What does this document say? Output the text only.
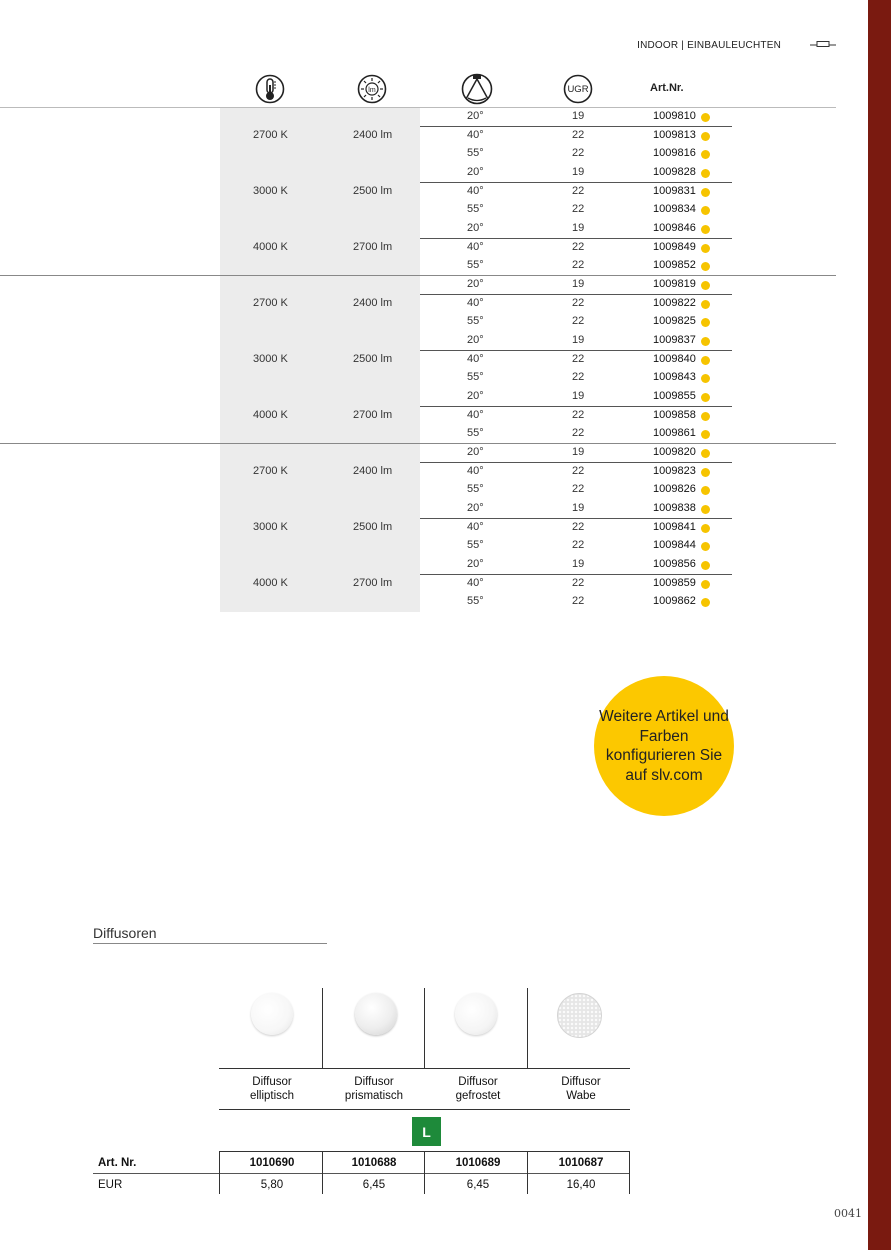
INDOOR | EINBAULEUCHTEN
lm	UGR	Art.Nr.
2700 K	2400 lm
20°	19	1009810
40°	22	1009813
55°	22	1009816
3000 K	2500 lm
20°	19	1009828
40°	22	1009831
55°	22	1009834
4000 K	2700 lm
20°	19	1009846
40°	22	1009849
55°	22	1009852
2700 K	2400 lm
20°	19	1009819
40°	22	1009822
55°	22	1009825
3000 K	2500 lm
20°	19	1009837
40°	22	1009840
55°	22	1009843
4000 K	2700 lm
20°	19	1009855
40°	22	1009858
55°	22	1009861
2700 K	2400 lm
20°	19	1009820
40°	22	1009823
55°	22	1009826
3000 K	2500 lm
20°	19	1009838
40°	22	1009841
55°	22	1009844
4000 K	2700 lm
20°	19	1009856
40°	22	1009859
55°	22	1009862
Weitere Artikel und Farben konfigurieren Sie auf slv.com
Diffusoren
Diffusor
elliptisch
Diffusor
prismatisch
Diffusor
gefrostet
Diffusor
Wabe
L
Art. Nr.	1010690	1010688	1010689	1010687
EUR	5,80	6,45	6,45	16,40
0041
